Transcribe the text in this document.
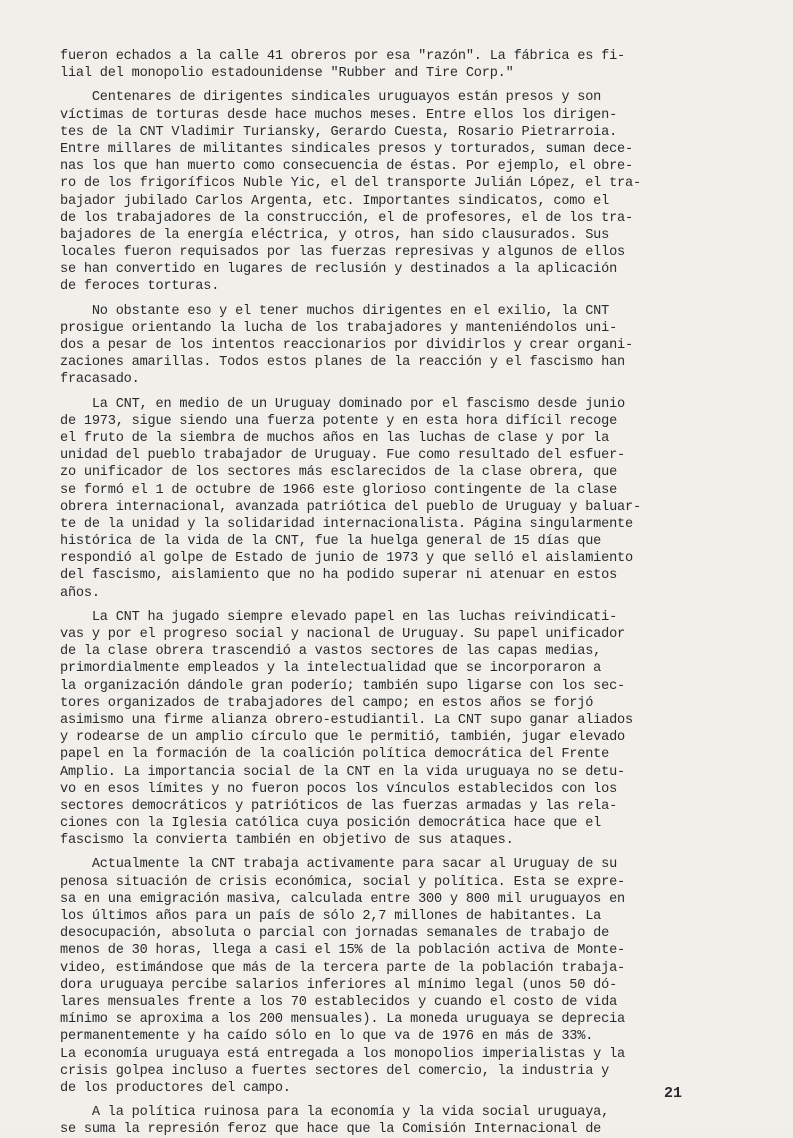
fueron echados a la calle 41 obreros por esa "razón". La fábrica es fi-
lial del monopolio estadounidense "Rubber and Tire Corp."
Centenares de dirigentes sindicales uruguayos están presos y son
víctimas de torturas desde hace muchos meses. Entre ellos los dirigen-
tes de la CNT Vladimir Turiansky, Gerardo Cuesta, Rosario Pietrarroia.
Entre millares de militantes sindicales presos y torturados, suman dece-
nas los que han muerto como consecuencia de éstas. Por ejemplo, el obre-
ro de los frigoríficos Nuble Yic, el del transporte Julián López, el tra-
bajador jubilado Carlos Argenta, etc. Importantes sindicatos, como el
de los trabajadores de la construcción, el de profesores, el de los tra-
bajadores de la energía eléctrica, y otros, han sido clausurados. Sus
locales fueron requisados por las fuerzas represivas y algunos de ellos
se han convertido en lugares de reclusión y destinados a la aplicación
de feroces torturas.
No obstante eso y el tener muchos dirigentes en el exilio, la CNT
prosigue orientando la lucha de los trabajadores y manteniéndolos uni-
dos a pesar de los intentos reaccionarios por dividirlos y crear organi-
zaciones amarillas. Todos estos planes de la reacción y el fascismo han
fracasado.
La CNT, en medio de un Uruguay dominado por el fascismo desde junio
de 1973, sigue siendo una fuerza potente y en esta hora difícil recoge
el fruto de la siembra de muchos años en las luchas de clase y por la
unidad del pueblo trabajador de Uruguay. Fue como resultado del esfuer-
zo unificador de los sectores más esclarecidos de la clase obrera, que
se formó el 1 de octubre de 1966 este glorioso contingente de la clase
obrera internacional, avanzada patriótica del pueblo de Uruguay y baluar-
te de la unidad y la solidaridad internacionalista. Página singularmente
histórica de la vida de la CNT, fue la huelga general de 15 días que
respondió al golpe de Estado de junio de 1973 y que selló el aislamiento
del fascismo, aislamiento que no ha podido superar ni atenuar en estos
años.
La CNT ha jugado siempre elevado papel en las luchas reivindicati-
vas y por el progreso social y nacional de Uruguay. Su papel unificador
de la clase obrera trascendió a vastos sectores de las capas medias,
primordialmente empleados y la intelectualidad que se incorporaron a
la organización dándole gran poderío; también supo ligarse con los sec-
tores organizados de trabajadores del campo; en estos años se forjó
asimismo una firme alianza obrero-estudiantil. La CNT supo ganar aliados
y rodearse de un amplio círculo que le permitió, también, jugar elevado
papel en la formación de la coalición política democrática del Frente
Amplio. La importancia social de la CNT en la vida uruguaya no se detu-
vo en esos límites y no fueron pocos los vínculos establecidos con los
sectores democráticos y patrióticos de las fuerzas armadas y las rela-
ciones con la Iglesia católica cuya posición democrática hace que el
fascismo la convierta también en objetivo de sus ataques.
Actualmente la CNT trabaja activamente para sacar al Uruguay de su
penosa situación de crisis económica, social y política. Esta se expre-
sa en una emigración masiva, calculada entre 300 y 800 mil uruguayos en
los últimos años para un país de sólo 2,7 millones de habitantes. La
desocupación, absoluta o parcial con jornadas semanales de trabajo de
menos de 30 horas, llega a casi el 15% de la población activa de Monte-
video, estimándose que más de la tercera parte de la población trabaja-
dora uruguaya percibe salarios inferiores al mínimo legal (unos 50 dó-
lares mensuales frente a los 70 establecidos y cuando el costo de vida
mínimo se aproxima a los 200 mensuales). La moneda uruguaya se deprecia
permanentemente y ha caído sólo en lo que va de 1976 en más de 33%.
La economía uruguaya está entregada a los monopolios imperialistas y la
crisis golpea incluso a fuertes sectores del comercio, la industria y
de los productores del campo.
A la política ruinosa para la economía y la vida social uruguaya,
se suma la represión feroz que hace que la Comisión Internacional de
21
